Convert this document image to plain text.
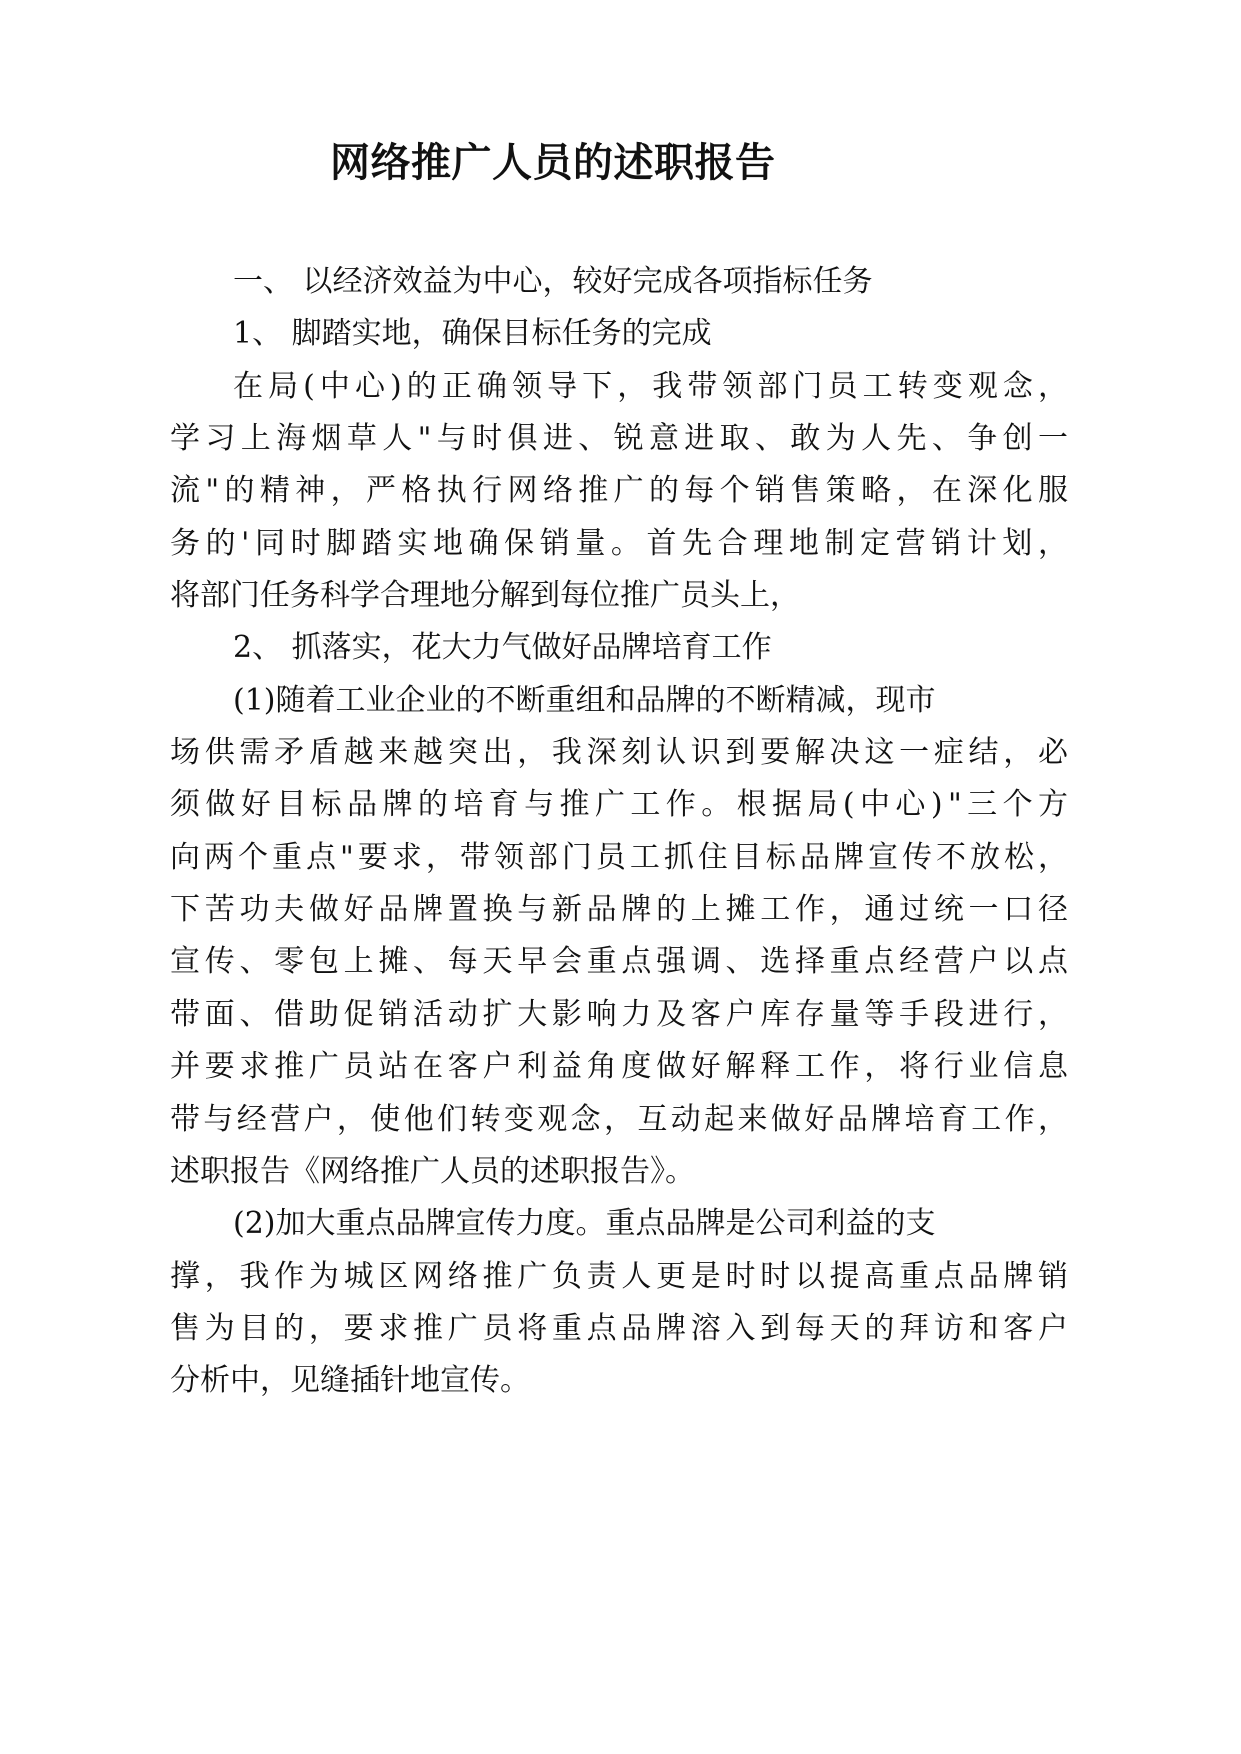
网络推广人员的述职报告
一、 以经济效益为中心，较好完成各项指标任务
1、 脚踏实地，确保目标任务的完成
在局(中心)的正确领导下，我带领部门员工转变观念，
学习上海烟草人"与时俱进、锐意进取、敢为人先、争创一
流"的精神，严格执行网络推广的每个销售策略，在深化服
务的'同时脚踏实地确保销量。首先合理地制定营销计划，
将部门任务科学合理地分解到每位推广员头上，
2、 抓落实，花大力气做好品牌培育工作
(1)随着工业企业的不断重组和品牌的不断精减，现市
场供需矛盾越来越突出，我深刻认识到要解决这一症结，必
须做好目标品牌的培育与推广工作。根据局(中心)"三个方
向两个重点"要求，带领部门员工抓住目标品牌宣传不放松，
下苦功夫做好品牌置换与新品牌的上摊工作，通过统一口径
宣传、零包上摊、每天早会重点强调、选择重点经营户以点
带面、借助促销活动扩大影响力及客户库存量等手段进行，
并要求推广员站在客户利益角度做好解释工作，将行业信息
带与经营户，使他们转变观念，互动起来做好品牌培育工作，
述职报告《网络推广人员的述职报告》。
(2)加大重点品牌宣传力度。重点品牌是公司利益的支
撑，我作为城区网络推广负责人更是时时以提高重点品牌销
售为目的，要求推广员将重点品牌溶入到每天的拜访和客户
分析中，见缝插针地宣传。
